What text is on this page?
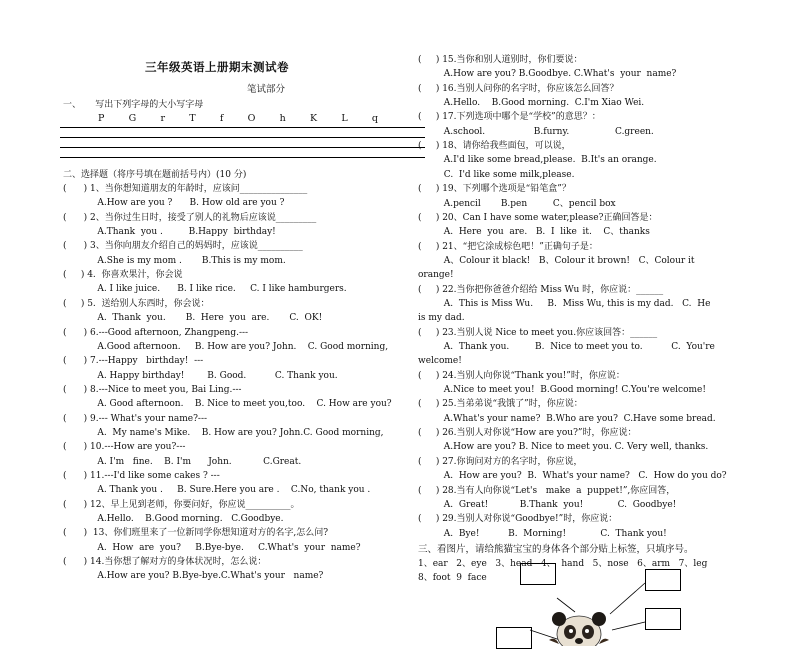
三年级英语上册期末测试卷
笔试部分
一、     写出下列字母的大小写字母
P	G	r	T	f	O	h	K	L	q
二、选择题（将序号填在题前括号内）(10 分)
(      ) 1、当你想知道朋友的年龄时，应该问_______________
A.How are you ?      B. How old are you ?
(      ) 2、当你过生日时，接受了别人的礼物后应该说_________
A.Thank  you .         B.Happy  birthday!
(      ) 3、当你向朋友介绍自己的妈妈时，应该说__________
A.She is my mom .       B.This is my mom.
(     ) 4.  你喜欢果汁，你会说
A. I like juice.      B. I like rice.     C. I like hamburgers.
(     ) 5.  送给别人东西时，你会说：
A.  Thank  you.       B.  Here  you  are.       C.  OK!
(      ) 6.---Good afternoon, Zhangpeng.---
A.Good afternoon.     B. How are you? John.    C. Good morning,
(      ) 7.---Happy   birthday!  ---
A. Happy birthday!        B. Good.          C. Thank you.
(      ) 8.---Nice to meet you, Bai Ling.---
A. Good afternoon.    B. Nice to meet you,too.    C. How are you?
(      ) 9.--- What's your name?---
A.  My name's Mike.    B. How are you? John.C. Good morning,
(      ) 10.---How are you?---
A. I'm   fine.    B. I'm      John.           C.Great.
(      ) 11.---I'd like some cakes ? ---
A. Thank you .     B. Sure.Here you are .    C.No, thank you .
(      ) 12、早上见到老师，你要问好，你应说__________。
A.Hello.    B.Good morning.   C.Goodbye.
(      )  13、你们班里来了一位新同学你想知道对方的名字,怎么问?
A.  How  are  you?     B.Bye-bye.     C.What's  your  name?
(      ) 14.当你想了解对方的身体状况时，怎么说：
A.How are you? B.Bye-bye.C.What's your   name?
(     ) 15.当你和别人道别时，你们要说：
A.How are you? B.Goodbye. C.What's  your  name?
(     ) 16.当别人问你的名字时，你应该怎么回答？
A.Hello.    B.Good morning.  C.I'm Xiao Wei.
(     ) 17.下列选项中哪个是“学校”的意思？：
A.school.                 B.furny.                C.green.
(     ) 18、请你给我些面包，可以说，
A.I'd like some bread,please.  B.It's an orange.
C.  I'd like some milk,please.
(     ) 19、下列哪个选项是“铅笔盒”？
A.pencil       B.pen         C、pencil box
(     ) 20、Can I have some water,please?正确回答是：
A.  Here  you  are.   B.  I  like  it.    C、thanks
(     ) 21、“把它涂成棕色吧！”正确句子是：
A、Colour it black!   B、Colour it brown!   C、Colour it
orange!
(     ) 22.当你把你爸爸介绍给 Miss Wu 时，你应说：______
A.  This is Miss Wu.     B.  Miss Wu, this is my dad.   C.  He
is my dad.
(     ) 23.当别人说 Nice to meet you.你应该回答：______
A.  Thank you.         B.  Nice to meet you to.          C.  You're
welcome!
(     ) 24.当别人向你说“Thank you!”时，你应说：
A.Nice to meet you!  B.Good morning! C.You're welcome!
(     ) 25.当弟弟说“我饿了”时，你应说：
A.What's your name?  B.Who are you?  C.Have some bread.
(     ) 26.当别人对你说“How are you?”时，你应说：
A.How are you? B. Nice to meet you. C. Very well, thanks.
(     ) 27.你询问对方的名字时，你应说，
A.  How are you?  B.  What's your name?   C.  How do you do?
(     ) 28.当有人向你说“Let's   make  a  puppet!”,你应回答，
A.  Great!           B.Thank  you!            C.  Goodbye!
(     ) 29.当别人对你说“Goodbye!”时，你应说：
A.  Bye!          B.  Morning!            C.  Thank you!
三、看图片，请给熊猫宝宝的身体各个部分贴上标签，只填序号。
1、ear   2、eye   3、head   4、  hand   5、nose   6、arm   7、leg
8、foot  9  face
